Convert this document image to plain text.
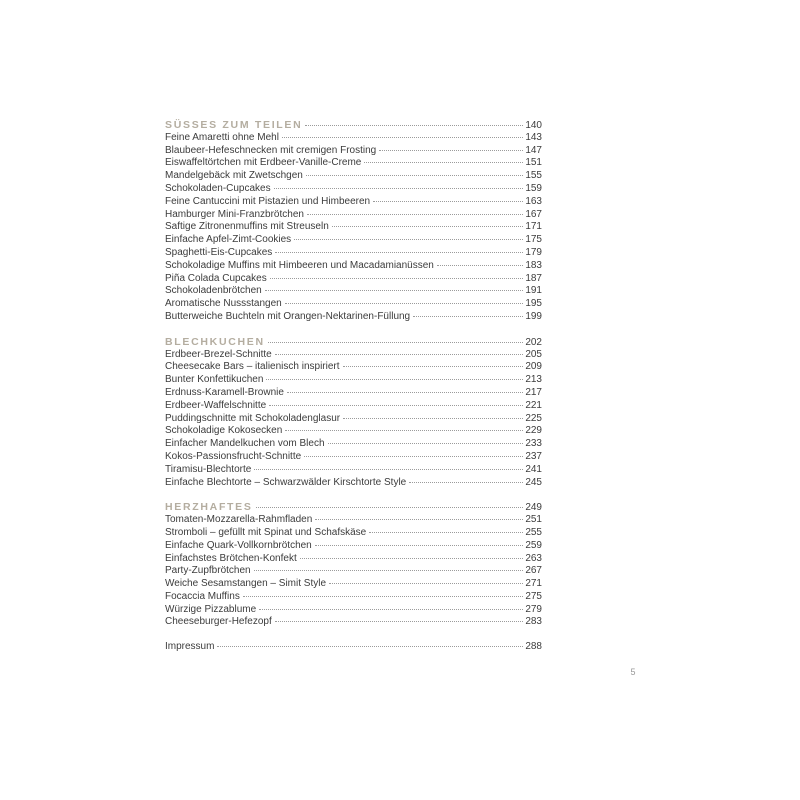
SÜSSES ZUM TEILEN	140
Feine Amaretti ohne Mehl	143
Blaubeer-Hefeschnecken mit cremigen Frosting	147
Eiswaffeltörtchen mit Erdbeer-Vanille-Creme	151
Mandelgebäck mit Zwetschgen	155
Schokoladen-Cupcakes	159
Feine Cantuccini mit Pistazien und Himbeeren	163
Hamburger Mini-Franzbrötchen	167
Saftige Zitronenmuffins mit Streuseln	171
Einfache Apfel-Zimt-Cookies	175
Spaghetti-Eis-Cupcakes	179
Schokoladige Muffins mit Himbeeren und Macadamianüssen	183
Piña Colada Cupcakes	187
Schokoladenbrötchen	191
Aromatische Nussstangen	195
Butterweiche Buchteln mit Orangen-Nektarinen-Füllung	199
BLECHKUCHEN	202
Erdbeer-Brezel-Schnitte	205
Cheesecake Bars – italienisch inspiriert	209
Bunter Konfettikuchen	213
Erdnuss-Karamell-Brownie	217
Erdbeer-Waffelschnitte	221
Puddingschnitte mit Schokoladenglasur	225
Schokoladige Kokosecken	229
Einfacher Mandelkuchen vom Blech	233
Kokos-Passionsfrucht-Schnitte	237
Tiramisu-Blechtorte	241
Einfache Blechtorte – Schwarzwälder Kirschtorte Style	245
HERZHAFTES	249
Tomaten-Mozzarella-Rahmfladen	251
Stromboli – gefüllt mit Spinat und Schafskäse	255
Einfache Quark-Vollkornbrötchen	259
Einfachstes Brötchen-Konfekt	263
Party-Zupfbrötchen	267
Weiche Sesamstangen – Simit Style	271
Focaccia Muffins	275
Würzige Pizzablume	279
Cheeseburger-Hefezopf	283
Impressum	288
5
